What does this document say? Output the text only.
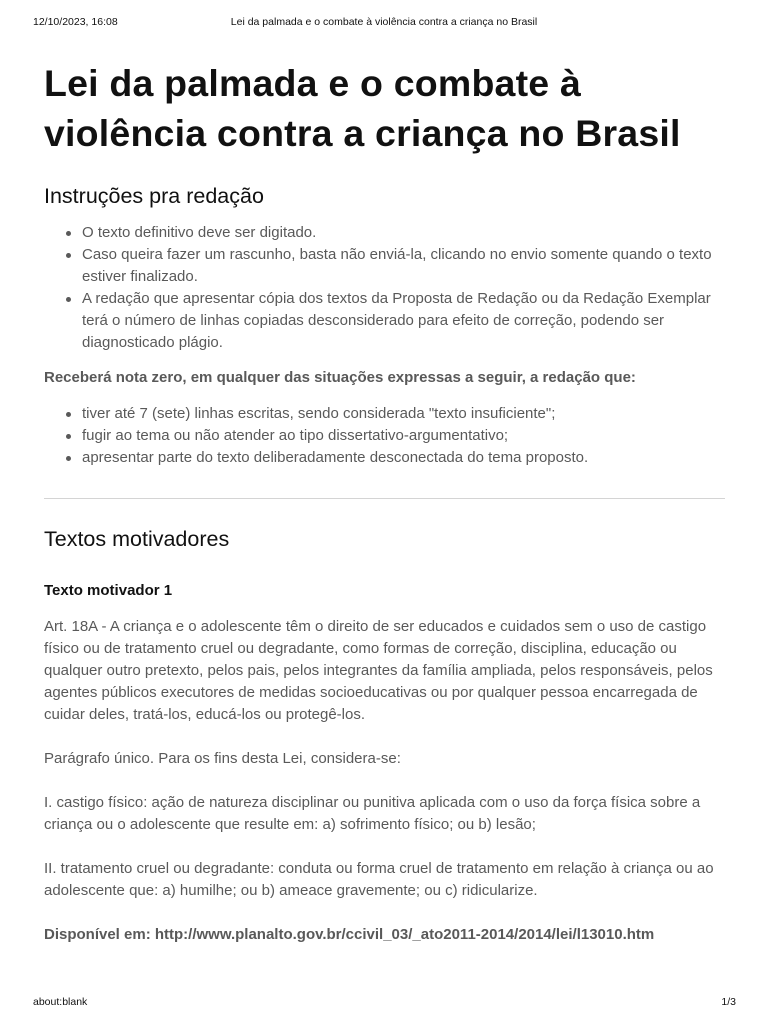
12/10/2023, 16:08	Lei da palmada e o combate à violência contra a criança no Brasil
Lei da palmada e o combate à violência contra a criança no Brasil
Instruções pra redação
O texto definitivo deve ser digitado.
Caso queira fazer um rascunho, basta não enviá-la, clicando no envio somente quando o texto estiver finalizado.
A redação que apresentar cópia dos textos da Proposta de Redação ou da Redação Exemplar terá o número de linhas copiadas desconsiderado para efeito de correção, podendo ser diagnosticado plágio.

Receberá nota zero, em qualquer das situações expressas a seguir, a redação que:

tiver até 7 (sete) linhas escritas, sendo considerada "texto insuficiente";
fugir ao tema ou não atender ao tipo dissertativo-argumentativo;
apresentar parte do texto deliberadamente desconectada do tema proposto.
Textos motivadores
Texto motivador 1

Art. 18A - A criança e o adolescente têm o direito de ser educados e cuidados sem o uso de castigo físico ou de tratamento cruel ou degradante, como formas de correção, disciplina, educação ou qualquer outro pretexto, pelos pais, pelos integrantes da família ampliada, pelos responsáveis, pelos agentes públicos executores de medidas socioeducativas ou por qualquer pessoa encarregada de cuidar deles, tratá-los, educá-los ou protegê-los.

Parágrafo único. Para os fins desta Lei, considera-se:

I. castigo físico: ação de natureza disciplinar ou punitiva aplicada com o uso da força física sobre a criança ou o adolescente que resulte em: a) sofrimento físico; ou b) lesão;

II. tratamento cruel ou degradante: conduta ou forma cruel de tratamento em relação à criança ou ao adolescente que: a) humilhe; ou b) ameace gravemente; ou c) ridicularize.

Disponível em: http://www.planalto.gov.br/ccivil_03/_ato2011-2014/2014/lei/l13010.htm

about:blank	1/3
